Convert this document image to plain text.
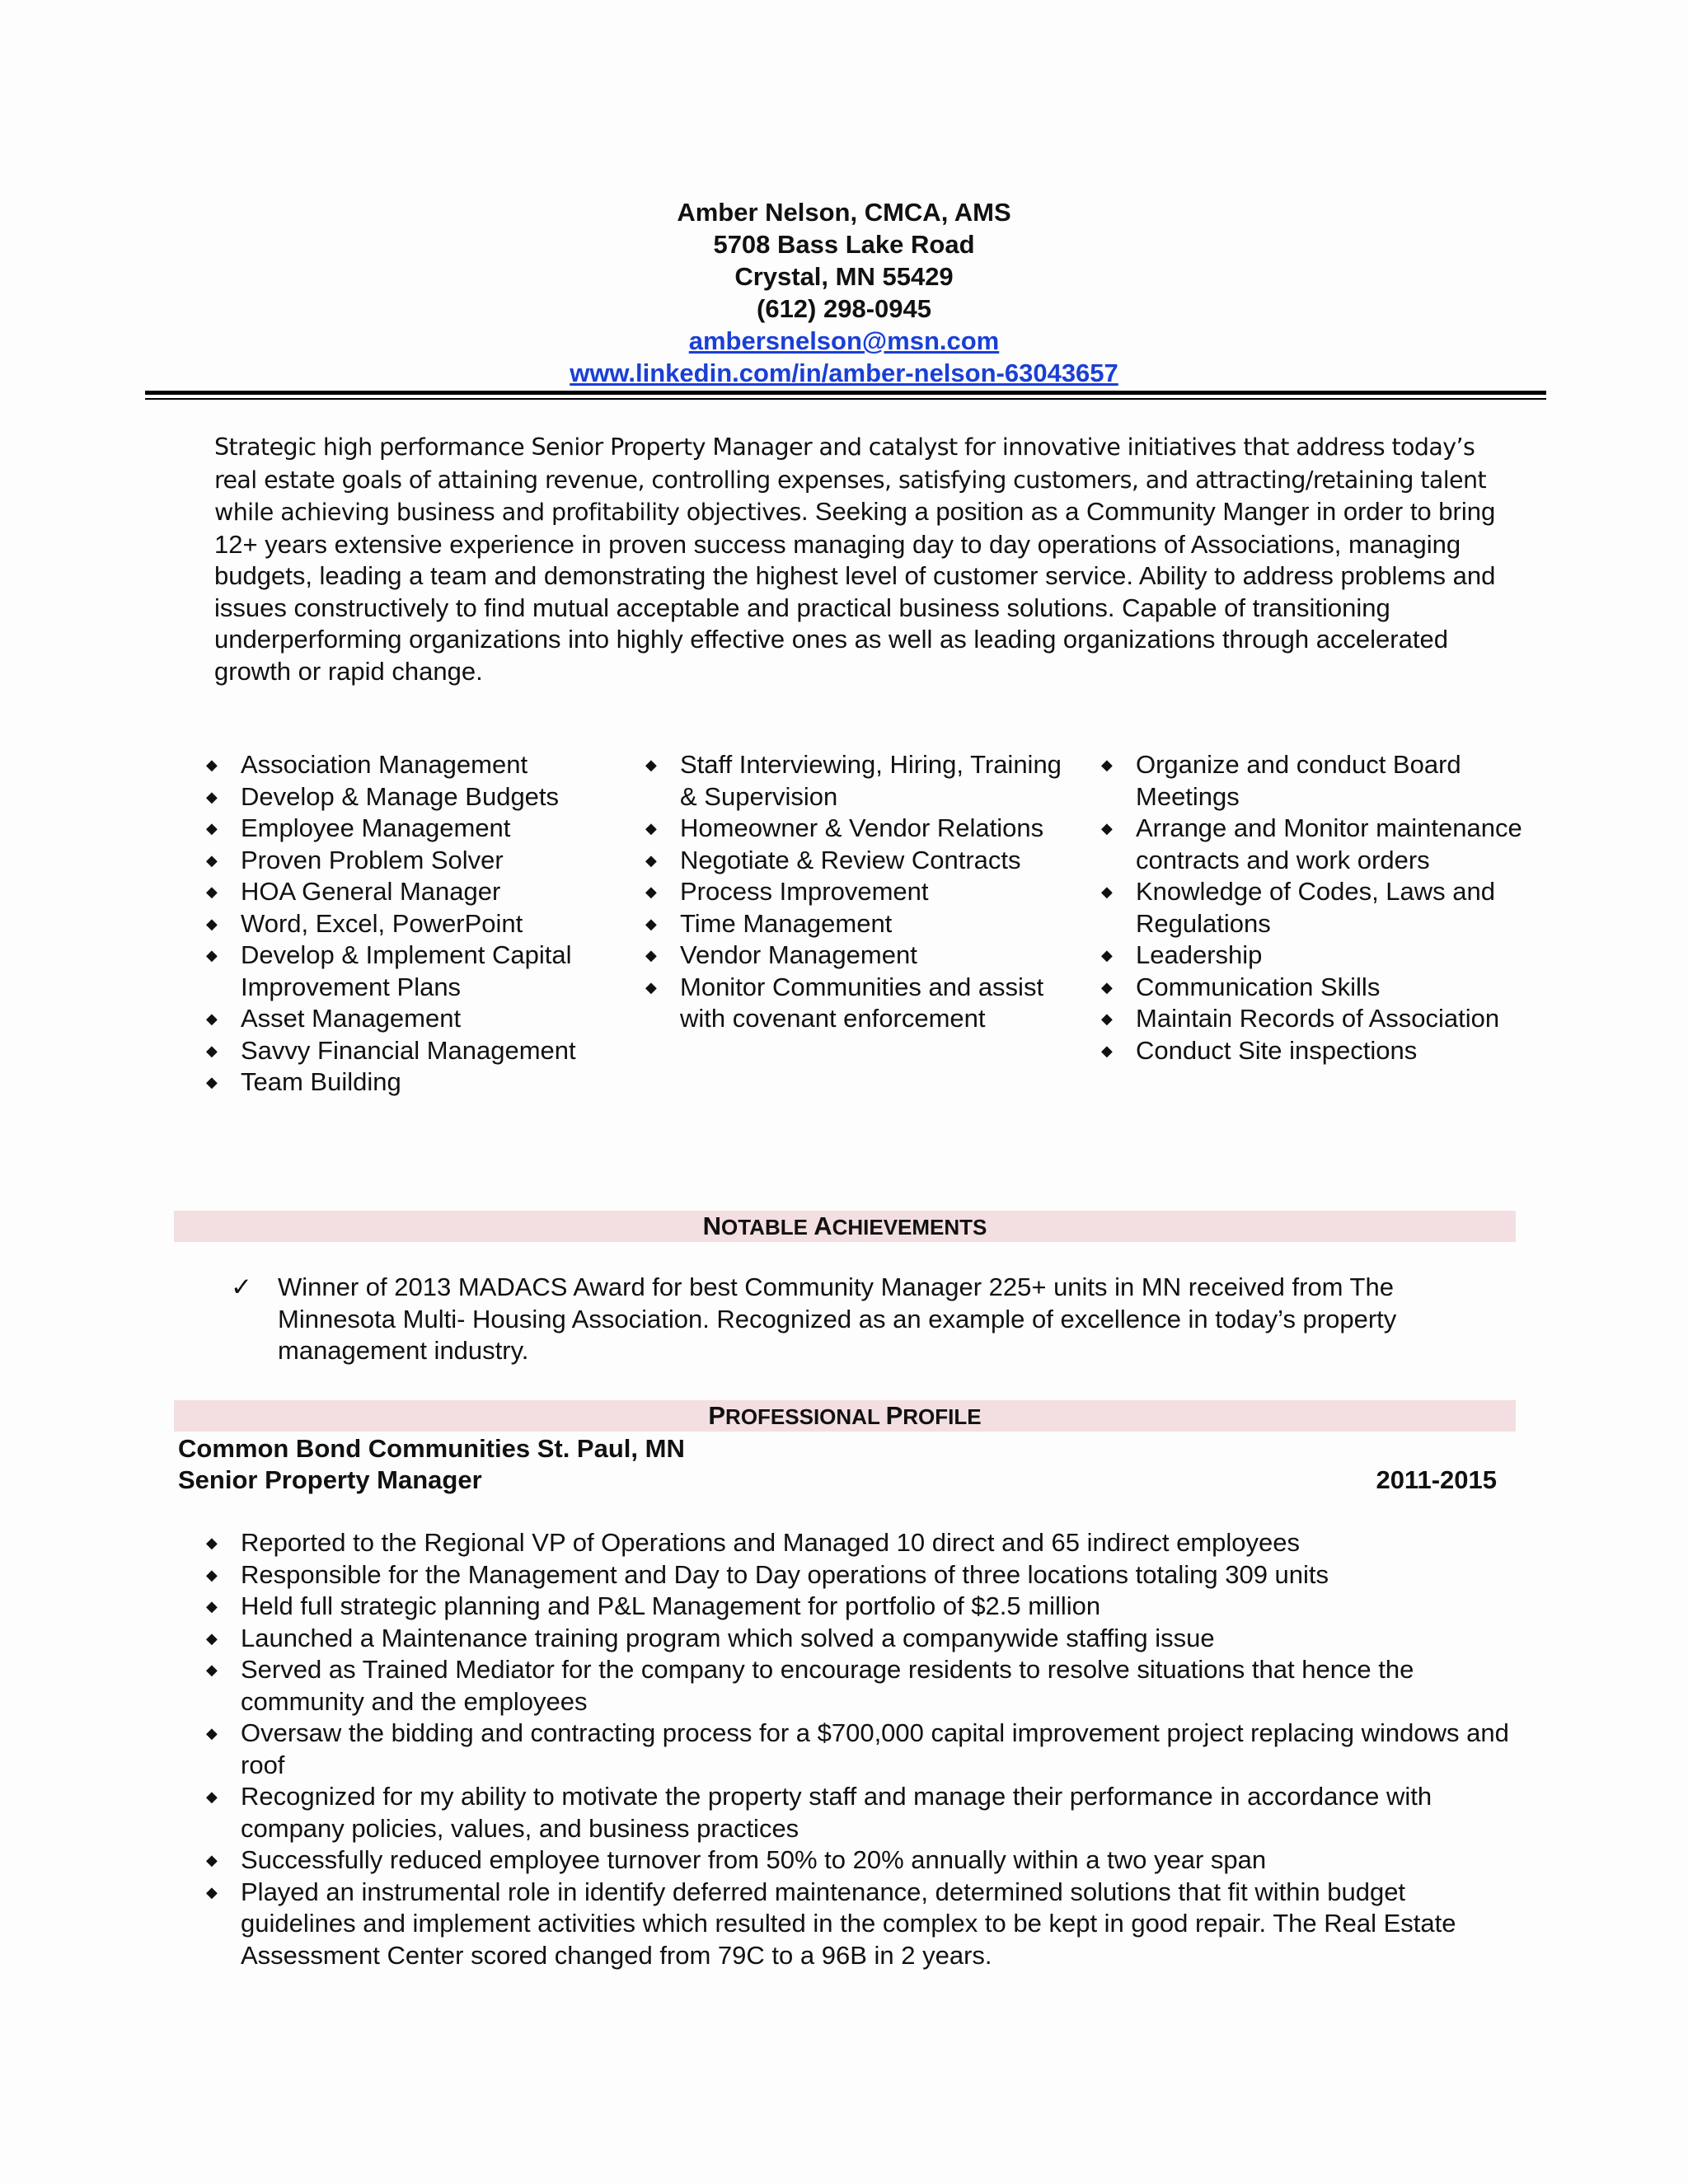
Amber Nelson, CMCA, AMS
5708 Bass Lake Road
Crystal, MN 55429
(612) 298-0945
ambersnelson@msn.com
www.linkedin.com/in/amber-nelson-63043657
Strategic high performance Senior Property Manager and catalyst for innovative initiatives that address today’s real estate goals of attaining revenue, controlling expenses, satisfying customers, and attracting/retaining talent while achieving business and profitability objectives. Seeking a position as a Community Manger in order to bring 12+ years extensive experience in proven success managing day to day operations of Associations, managing budgets, leading a team and demonstrating the highest level of customer service. Ability to address problems and issues constructively to find mutual acceptable and practical business solutions. Capable of transitioning underperforming organizations into highly effective ones as well as leading organizations through accelerated growth or rapid change.
◆ Association Management
◆ Develop & Manage Budgets
◆ Employee Management
◆ Proven Problem Solver
◆ HOA General Manager
◆ Word, Excel, PowerPoint
◆ Develop & Implement Capital Improvement Plans
◆ Asset Management
◆ Savvy Financial Management
◆ Team Building
◆ Staff Interviewing, Hiring, Training & Supervision
◆ Homeowner & Vendor Relations
◆ Negotiate & Review Contracts
◆ Process Improvement
◆ Time Management
◆ Vendor Management
◆ Monitor Communities and assist with covenant enforcement
◆ Organize and conduct Board Meetings
◆ Arrange and Monitor maintenance contracts and work orders
◆ Knowledge of Codes, Laws and Regulations
◆ Leadership
◆ Communication Skills
◆ Maintain Records of Association
◆ Conduct Site inspections
NOTABLE ACHIEVEMENTS
✓ Winner of 2013 MADACS Award for best Community Manager 225+ units in MN received from The Minnesota Multi- Housing Association. Recognized as an example of excellence in today’s property management industry.
PROFESSIONAL PROFILE
Common Bond Communities St. Paul, MN
Senior Property Manager	2011-2015
◆ Reported to the Regional VP of Operations and Managed 10 direct and 65 indirect employees
◆ Responsible for the Management and Day to Day operations of three locations totaling 309 units
◆ Held full strategic planning and P&L Management for portfolio of $2.5 million
◆ Launched a Maintenance training program which solved a companywide staffing issue
◆ Served as Trained Mediator for the company to encourage residents to resolve situations that hence the community and the employees
◆ Oversaw the bidding and contracting process for a $700,000 capital improvement project replacing windows and roof
◆ Recognized for my ability to motivate the property staff and manage their performance in accordance with company policies, values, and business practices
◆ Successfully reduced employee turnover from 50% to 20% annually within a two year span
◆ Played an instrumental role in identify deferred maintenance, determined solutions that fit within budget guidelines and implement activities which resulted in the complex to be kept in good repair. The Real Estate Assessment Center scored changed from 79C to a 96B in 2 years.
